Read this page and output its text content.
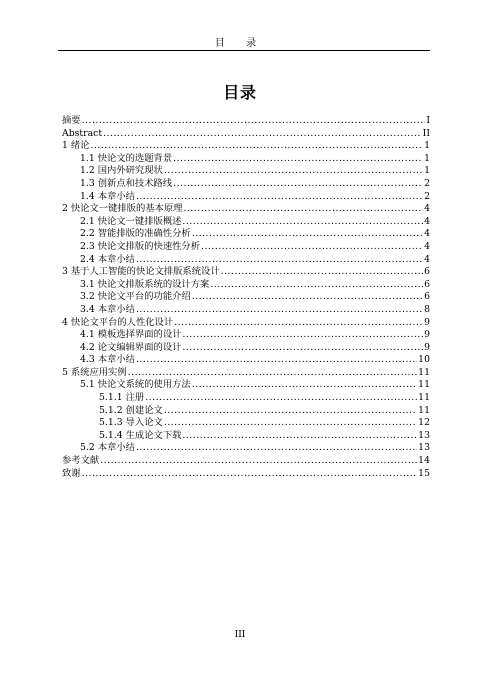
目 录
目录
摘要 .....	I
Abstract .....	II
1 绪论 .....	1
1.1 快论文的选题背景 .....	1
1.2 国内外研究现状 .....	1
1.3 创新点和技术路线 .....	2
1.4 本章小结 .....	2
2 快论文一键排版的基本原理 .....	4
2.1 快论文一键排版概述 .....	4
2.2 智能排版的准确性分析 .....	4
2.3 快论文排版的快速性分析 .....	4
2.4 本章小结 .....	4
3 基于人工智能的快论文排版系统设计 .....	6
3.1 快论文排版系统的设计方案 .....	6
3.2 快论文平台的功能介绍 .....	6
3.4 本章小结 .....	8
4 快论文平台的人性化设计 .....	9
4.1 模板选择界面的设计 .....	9
4.2 论文编辑界面的设计 .....	9
4.3 本章小结 .....	10
5 系统应用实例 .....	11
5.1 快论文系统的使用方法 .....	11
5.1.1 注册 .....	11
5.1.2 创建论文 .....	11
5.1.3 导入论文 .....	12
5.1.4 生成论文下载 .....	13
5.2 本章小结 .....	13
参考文献 .....	14
致谢 .....	15
III
